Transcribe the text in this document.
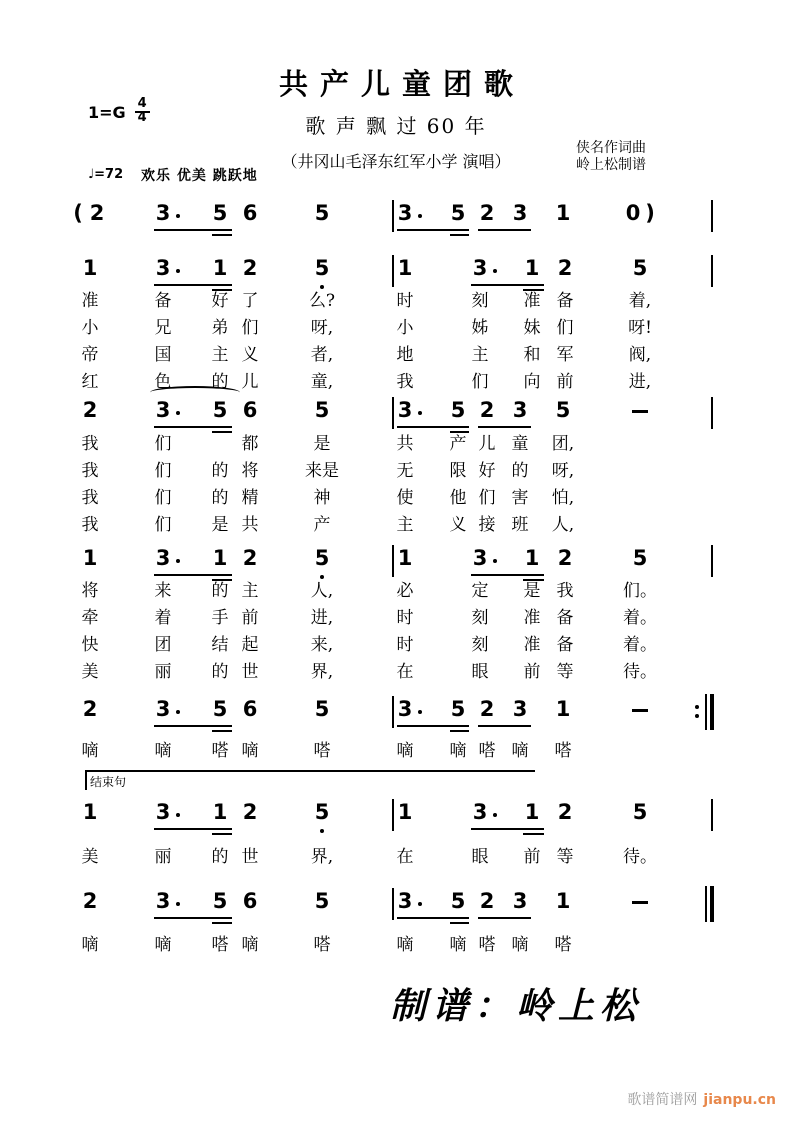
$1=G \frac{4}{4}$
共产儿童团歌
歌 声 飘 过 60 年
（井冈山毛泽东红军小学 演唱）
侠名作词曲
岭上松制谱
♩=72 欢乐 优美 跳跃地
( 2 3 5 6	5	3 5 2 3 1	0 )
1	3 1 2	5	1	3 1 2	5
准	备 好 了	么?	时	刻 准 备	着,
小	兄 弟 们	呀,	小	姊 妹 们	呀!
帝	国 主 义	者,	地	主 和 军	阀,
红	色 的 儿	童,	我	们 向 前	进,
2	3 5 6	5	3 5 2 3 5
我	们	都	是	共 产 儿 童 团,
我	们 的 将	来是	无 限 好 的 呀,
我	们 的 精	神	使 他 们 害 怕,
我	们 是 共	产	主 义 接 班 人,
1	3 1 2	5	1	3 1 2	5
将	来 的 主	人,	必	定 是 我	们。
牵	着 手 前	进,	时	刻 准 备	着。
快	团 结 起	来,	时	刻 准 备	着。
美	丽 的 世	界,	在	眼 前 等	待。
2	3 5 6	5	3 5 2 3 1
嘀	嘀 嗒 嘀	嗒	嘀 嘀 嗒 嘀 嗒
1	3 1 2	5	1	3 1 2	5
美	丽 的 世	界,	在	眼 前 等	待。
2	3 5 6	5	3 5 2 3 1
嘀	嘀 嗒 嘀	嗒	嘀 嘀 嗒 嘀 嗒
结束句
制谱：岭上松
歌谱简谱网 jianpu.cn
